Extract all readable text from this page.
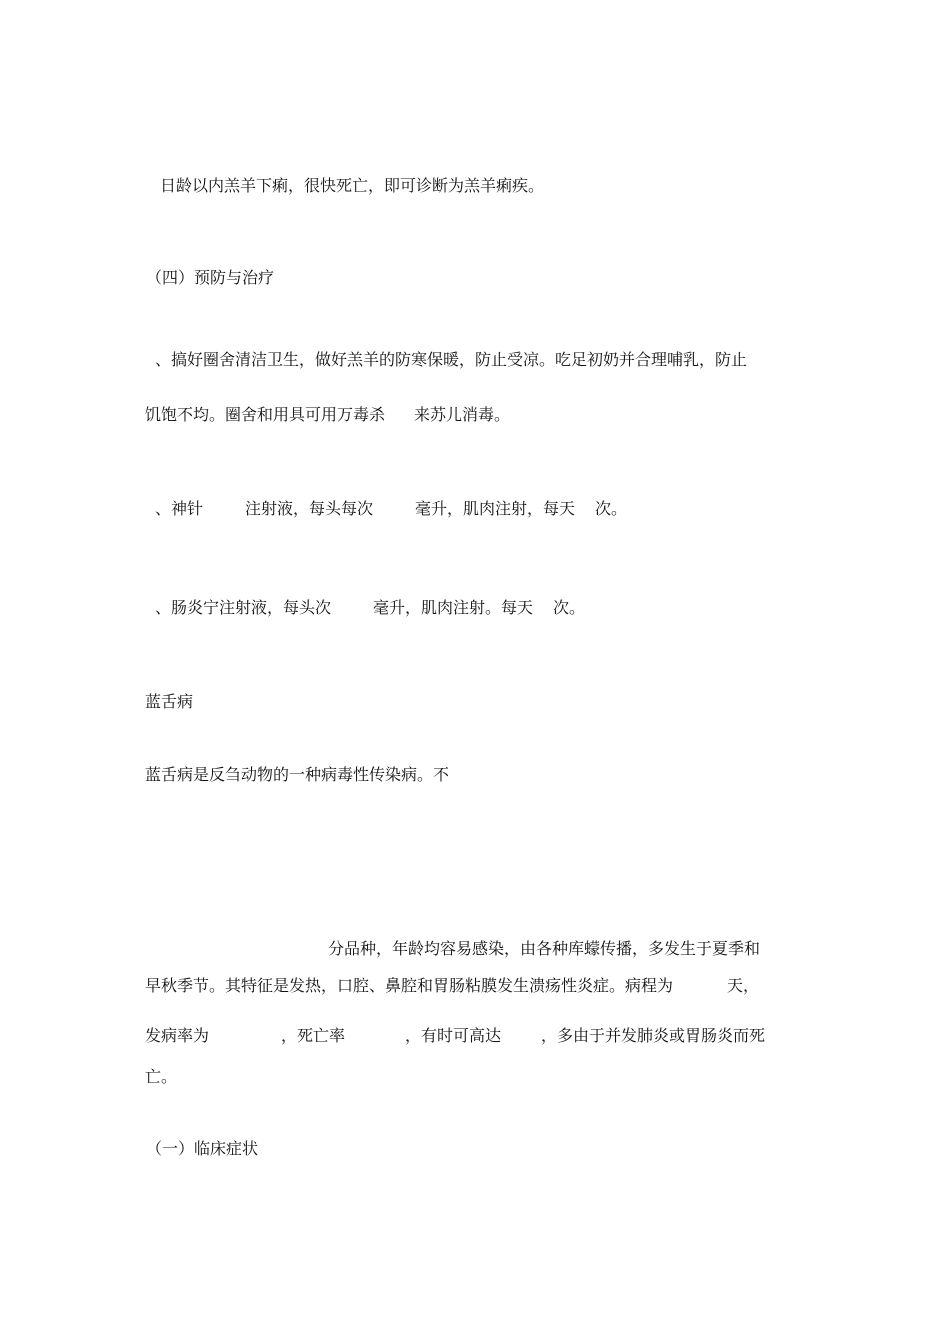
日龄以内羔羊下痢，很快死亡，即可诊断为羔羊痢疾。
（四）预防与治疗
、搞好圈舍清洁卫生，做好羔羊的防寒保暖，防止受凉。吃足初奶并合理哺乳，防止
饥饱不均。圈舍和用具可用万毒杀 来苏儿消毒。
、神针	注射液，每头每次	毫升，肌肉注射，每天 次。
、肠炎宁注射液，每头次	毫升，肌肉注射。每天 次。
蓝舌病
蓝舌病是反刍动物的一种病毒性传染病。不
分品种，年龄均容易感染，由各种库蠓传播，多发生于夏季和
早秋季节。其特征是发热，口腔、鼻腔和胃肠粘膜发生溃疡性炎症。病程为	天，
发病率为	，死亡率	，有时可高达	，多由于并发肺炎或胃肠炎而死
亡。
（一）临床症状
